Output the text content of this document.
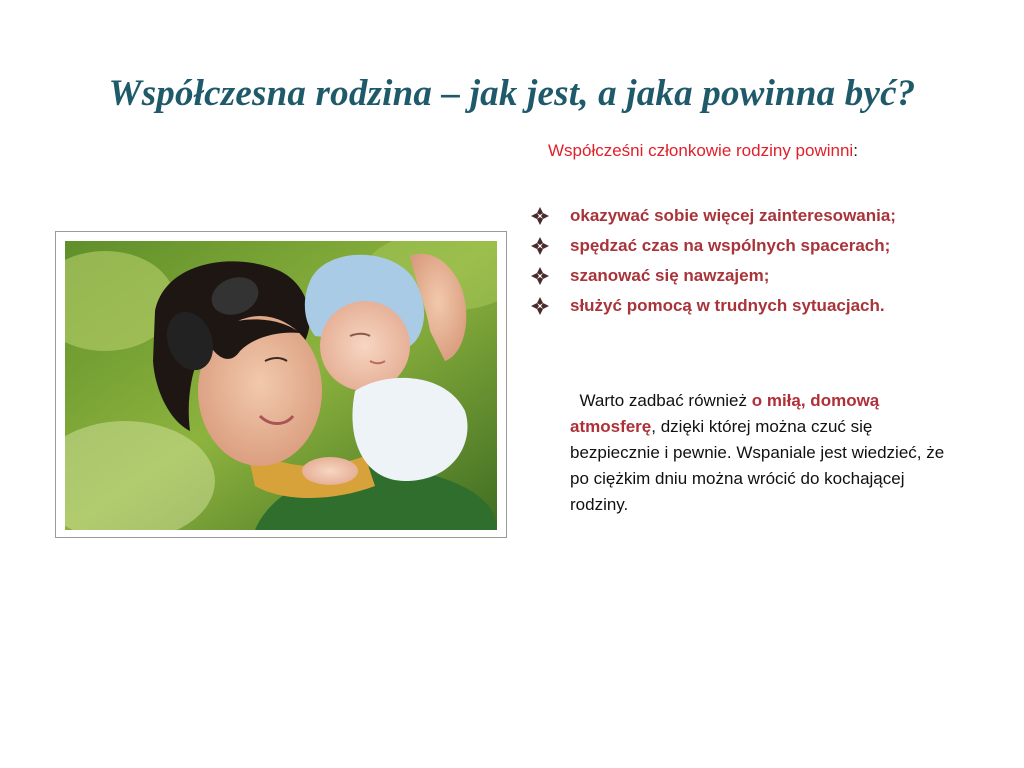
Współczesna rodzina – jak jest, a jaka powinna być?
Współcześni członkowie rodziny powinni:
okazywać sobie więcej zainteresowania;
spędzać czas na wspólnych spacerach;
szanować się nawzajem;
służyć pomocą w trudnych sytuacjach.
Warto zadbać również o miłą, domową atmosferę, dzięki której można czuć się bezpiecznie i pewnie. Wspaniale jest wiedzieć, że po ciężkim dniu można wrócić do kochającej rodziny.
